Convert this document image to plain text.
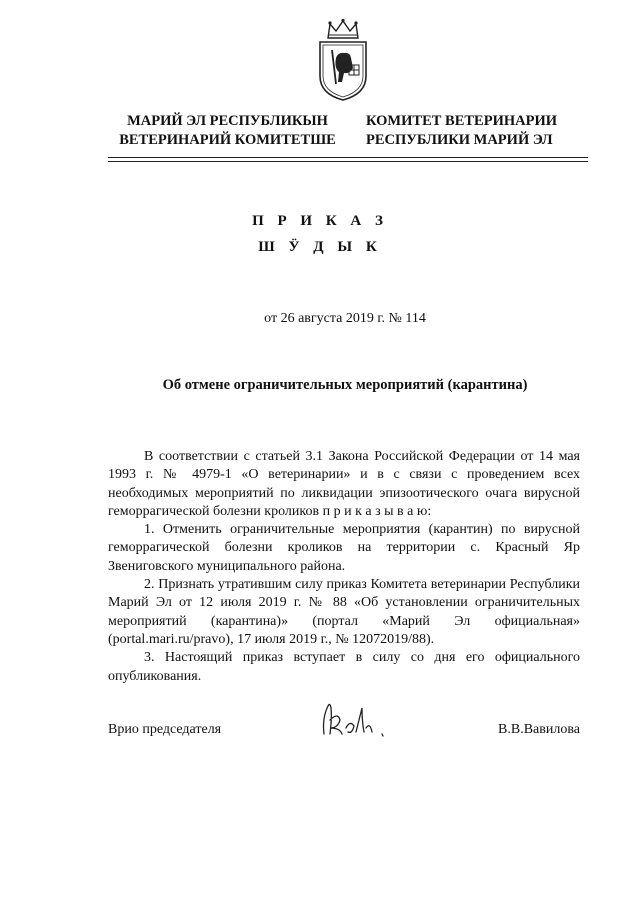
МАРИЙ ЭЛ РЕСПУБЛИКЫН
ВЕТЕРИНАРИЙ КОМИТЕТШЕ
КОМИТЕТ ВЕТЕРИНАРИИ
РЕСПУБЛИКИ МАРИЙ ЭЛ
П Р И К А З
Ш Ӱ Д Ы К
от 26 августа 2019 г. № 114
Об отмене ограничительных мероприятий (карантина)

В соответствии с статьей 3.1 Закона Российской Федерации от 14 мая 1993 г. № 4979-1 «О ветеринарии» и в с связи с проведением всех необходимых мероприятий по ликвидации эпизоотического очага вирусной геморрагической болезни кроликов п р и к а з ы в а ю:

1. Отменить ограничительные мероприятия (карантин) по вирусной геморрагической болезни кроликов на территории с. Красный Яр Звениговского муниципального района.

2. Признать утратившим силу приказ Комитета ветеринарии Республики Марий Эл от 12 июля 2019 г. № 88 «Об установлении ограничительных мероприятий (карантина)» (портал «Марий Эл официальная» (portal.mari.ru/pravo), 17 июля 2019 г., № 12072019/88).

3. Настоящий приказ вступает в силу со дня его официального опубликования.

Врио председателя	В.В.Вавилова
